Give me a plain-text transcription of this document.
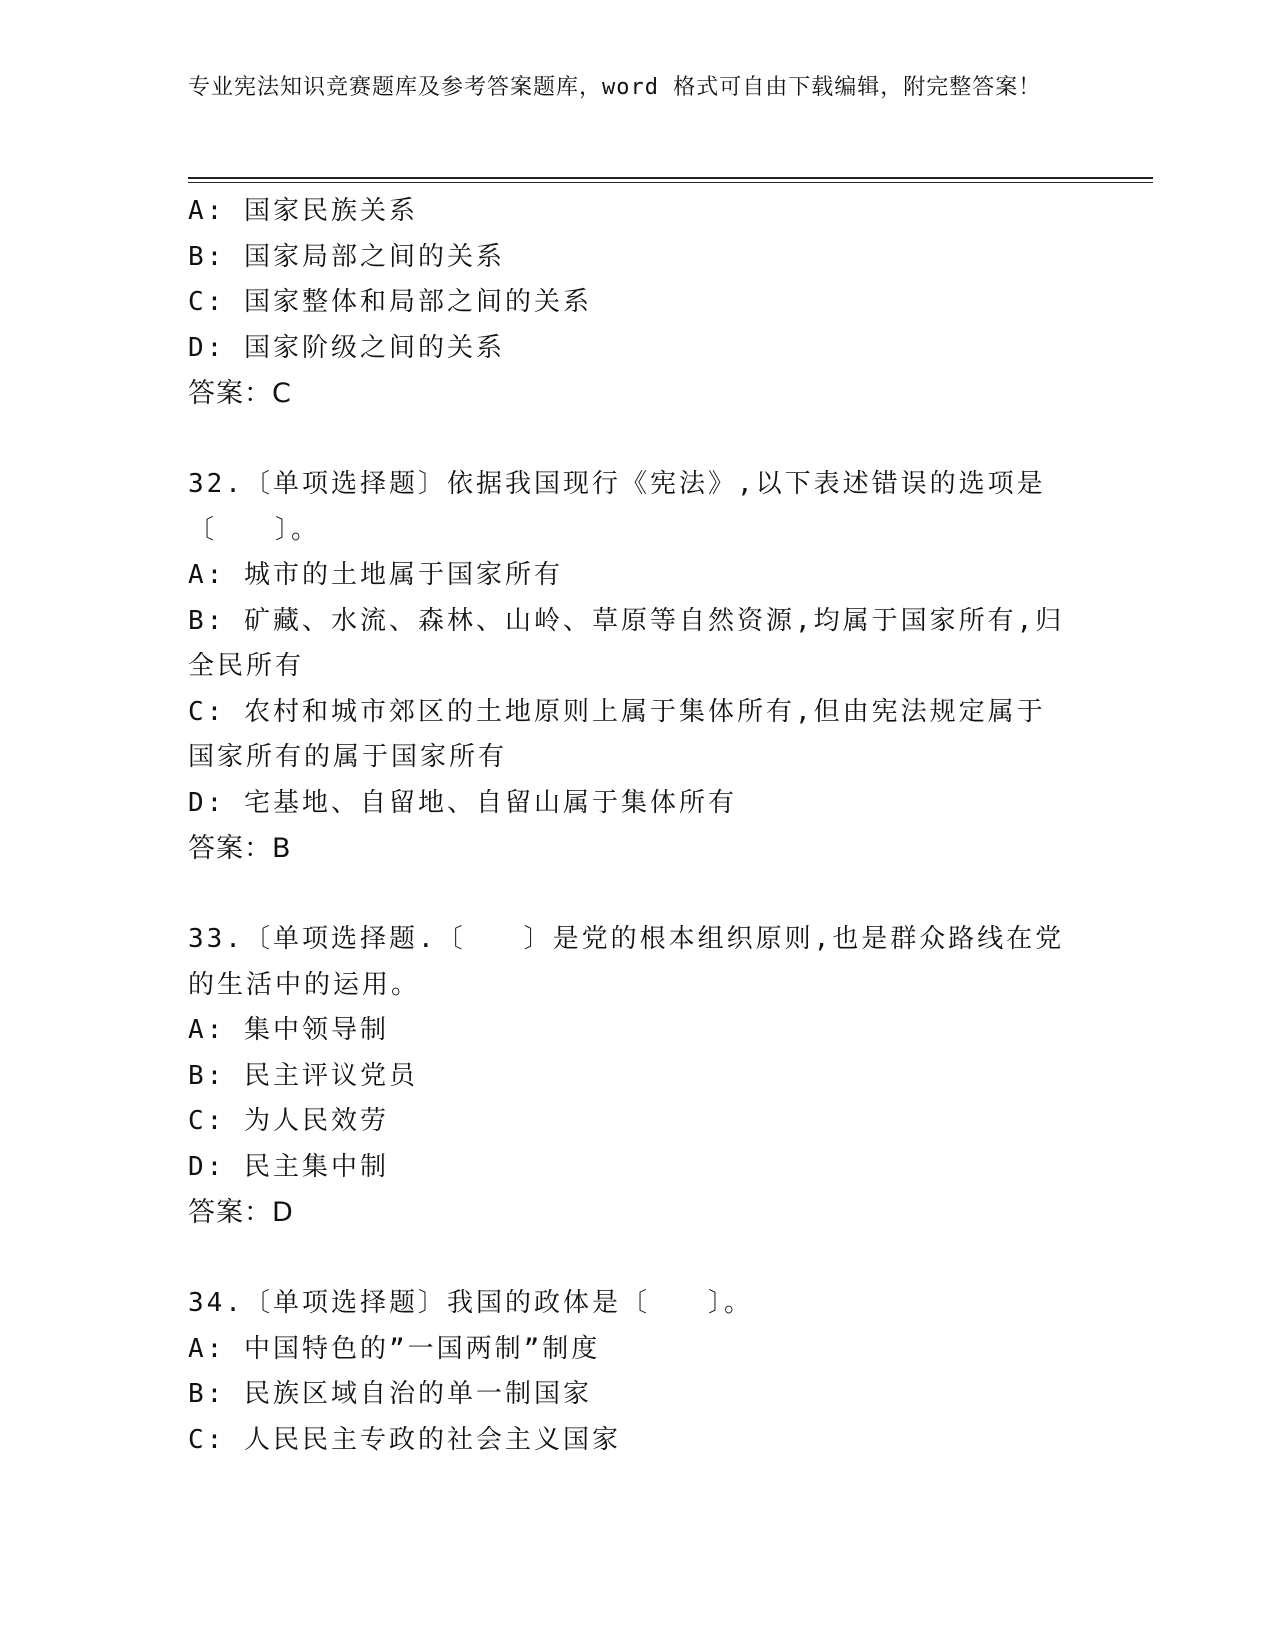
专业宪法知识竞赛题库及参考答案题库，word 格式可自由下载编辑，附完整答案！
A: 国家民族关系
B: 国家局部之间的关系
C: 国家整体和局部之间的关系
D: 国家阶级之间的关系
答案：C
32.〔单项选择题〕依据我国现行《宪法》,以下表述错误的选项是〔　　〕。
A: 城市的土地属于国家所有
B: 矿藏、水流、森林、山岭、草原等自然资源,均属于国家所有,归全民所有
C: 农村和城市郊区的土地原则上属于集体所有,但由宪法规定属于国家所有的属于国家所有
D: 宅基地、自留地、自留山属于集体所有
答案：B
33.〔单项选择题.〔　　〕是党的根本组织原则,也是群众路线在党的生活中的运用。
A: 集中领导制
B: 民主评议党员
C: 为人民效劳
D: 民主集中制
答案：D
34.〔单项选择题〕我国的政体是〔　　〕。
A: 中国特色的”一国两制”制度
B: 民族区域自治的单一制国家
C: 人民民主专政的社会主义国家
